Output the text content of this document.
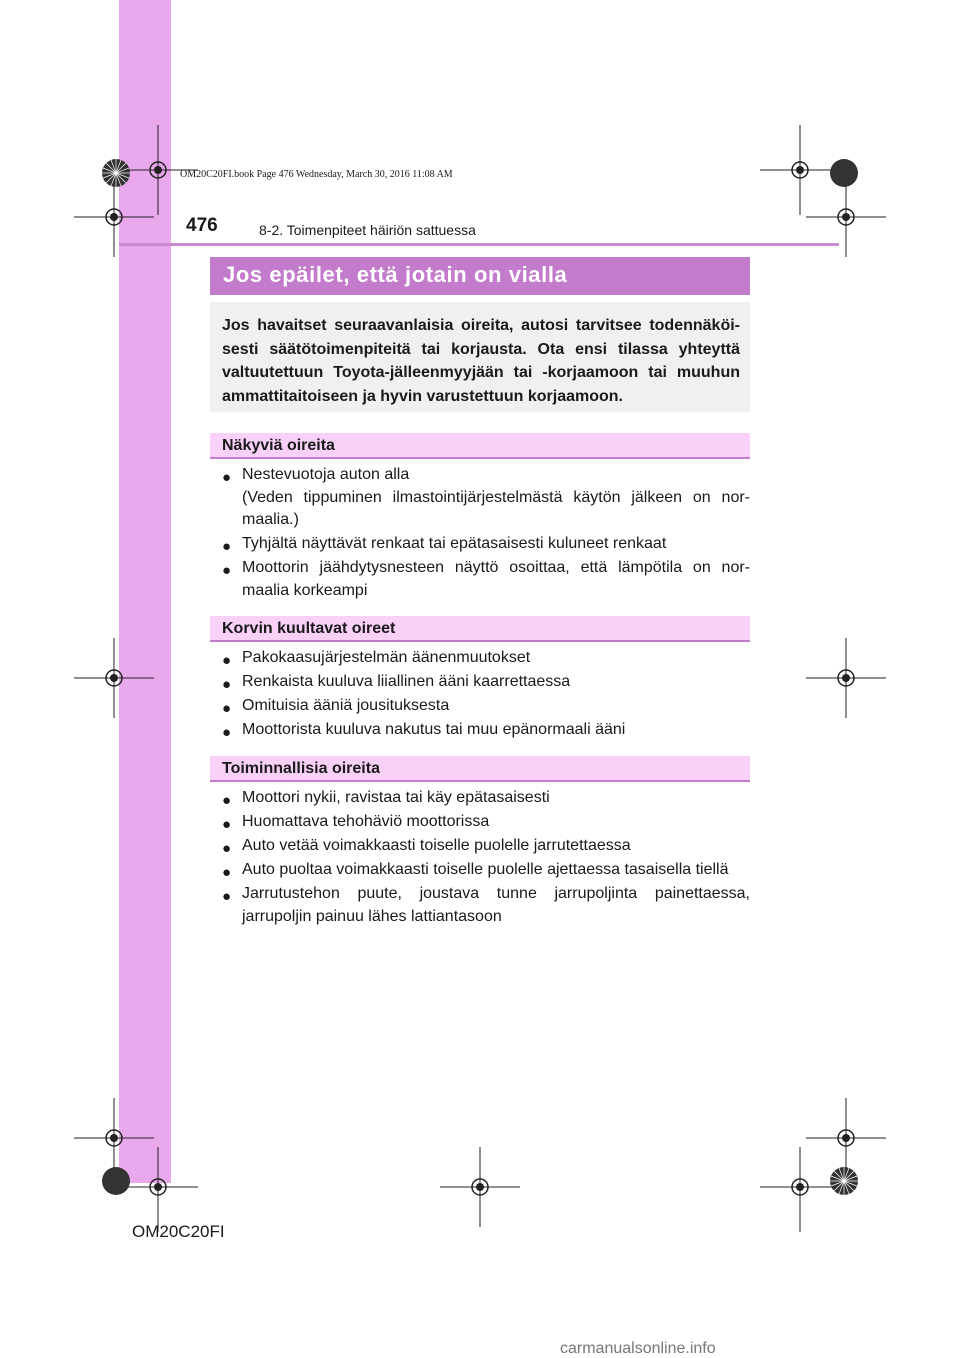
OM20C20FI.book Page 476 Wednesday, March 30, 2016 11:08 AM
476	8-2. Toimenpiteet häiriön sattuessa
Jos epäilet, että jotain on vialla

Jos havaitset seuraavanlaisia oireita, autosi tarvitsee todennäköi- sesti säätötoimenpiteitä tai korjausta. Ota ensi tilassa yhteyttä valtuutettuun Toyota-jälleenmyyjään tai -korjaamoon tai muuhun ammattitaitoiseen ja hyvin varustettuun korjaamoon.

Näkyviä oireita
● Nestevuotoja auton alla
(Veden tippuminen ilmastointijärjestelmästä käytön jälkeen on nor- maalia.)
● Tyhjältä näyttävät renkaat tai epätasaisesti kuluneet renkaat
● Moottorin jäähdytysnesteen näyttö osoittaa, että lämpötila on nor- maalia korkeampi
Korvin kuultavat oireet
● Pakokaasujärjestelmän äänenmuutokset
● Renkaista kuuluva liiallinen ääni kaarrettaessa
● Omituisia ääniä jousituksesta
● Moottorista kuuluva nakutus tai muu epänormaali ääni
Toiminnallisia oireita
● Moottori nykii, ravistaa tai käy epätasaisesti
● Huomattava tehohäviö moottorissa
● Auto vetää voimakkaasti toiselle puolelle jarrutettaessa
● Auto puoltaa voimakkaasti toiselle puolelle ajettaessa tasaisella tiellä
● Jarrutustehon puute, joustava tunne jarrupoljinta painettaessa, jarrupoljin painuu lähes lattiantasoon
OM20C20FI
carmanualsonline.info
